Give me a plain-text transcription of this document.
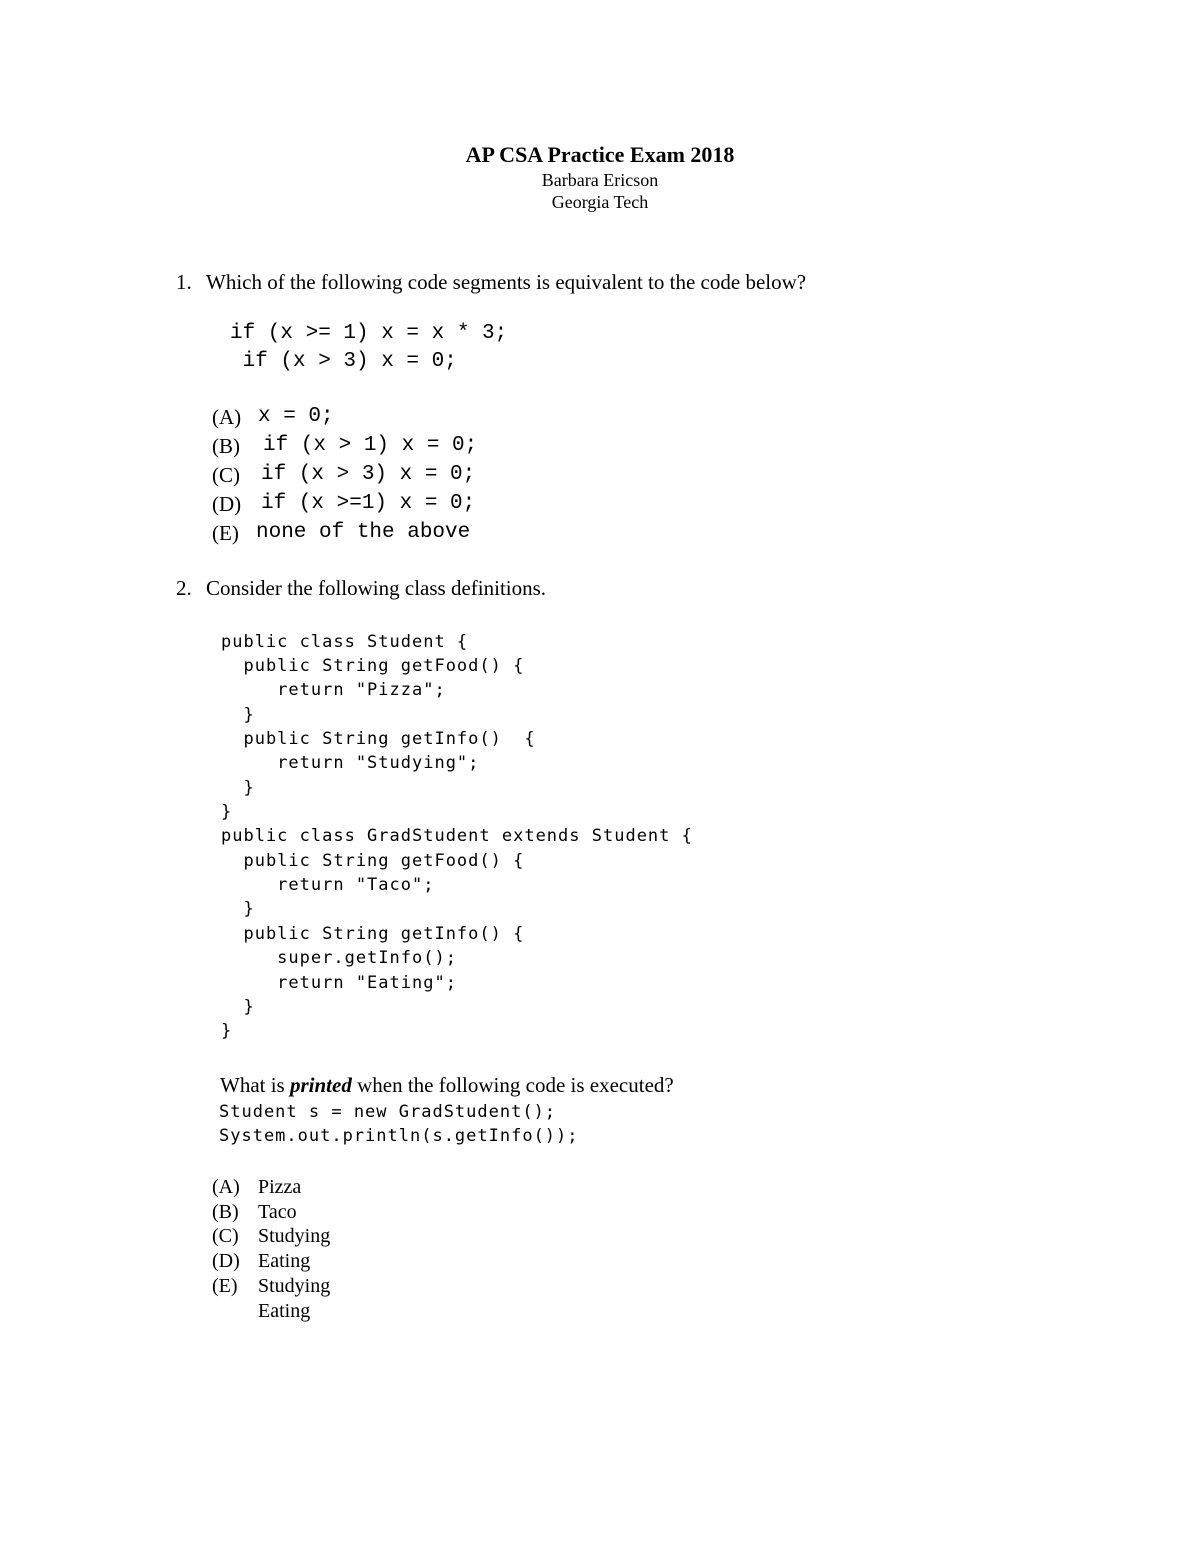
AP CSA Practice Exam 2018
Barbara Ericson
Georgia Tech
1. Which of the following code segments is equivalent to the code below?
if (x >= 1) x = x * 3;
if (x > 3) x = 0;
(A) x = 0;
(B) if (x > 1) x = 0;
(C) if (x > 3) x = 0;
(D) if (x >=1) x = 0;
(E) none of the above
2. Consider the following class definitions.
public class Student {
public String getFood() {
return "Pizza";
}
public String getInfo()  {
return "Studying";
}
}
public class GradStudent extends Student {
public String getFood() {
return "Taco";
}
public String getInfo() {
super.getInfo();
return "Eating";
}
}
What is printed when the following code is executed?
Student s = new GradStudent();
System.out.println(s.getInfo());
(A) Pizza
(B) Taco
(C) Studying
(D) Eating
(E) Studying
Eating
